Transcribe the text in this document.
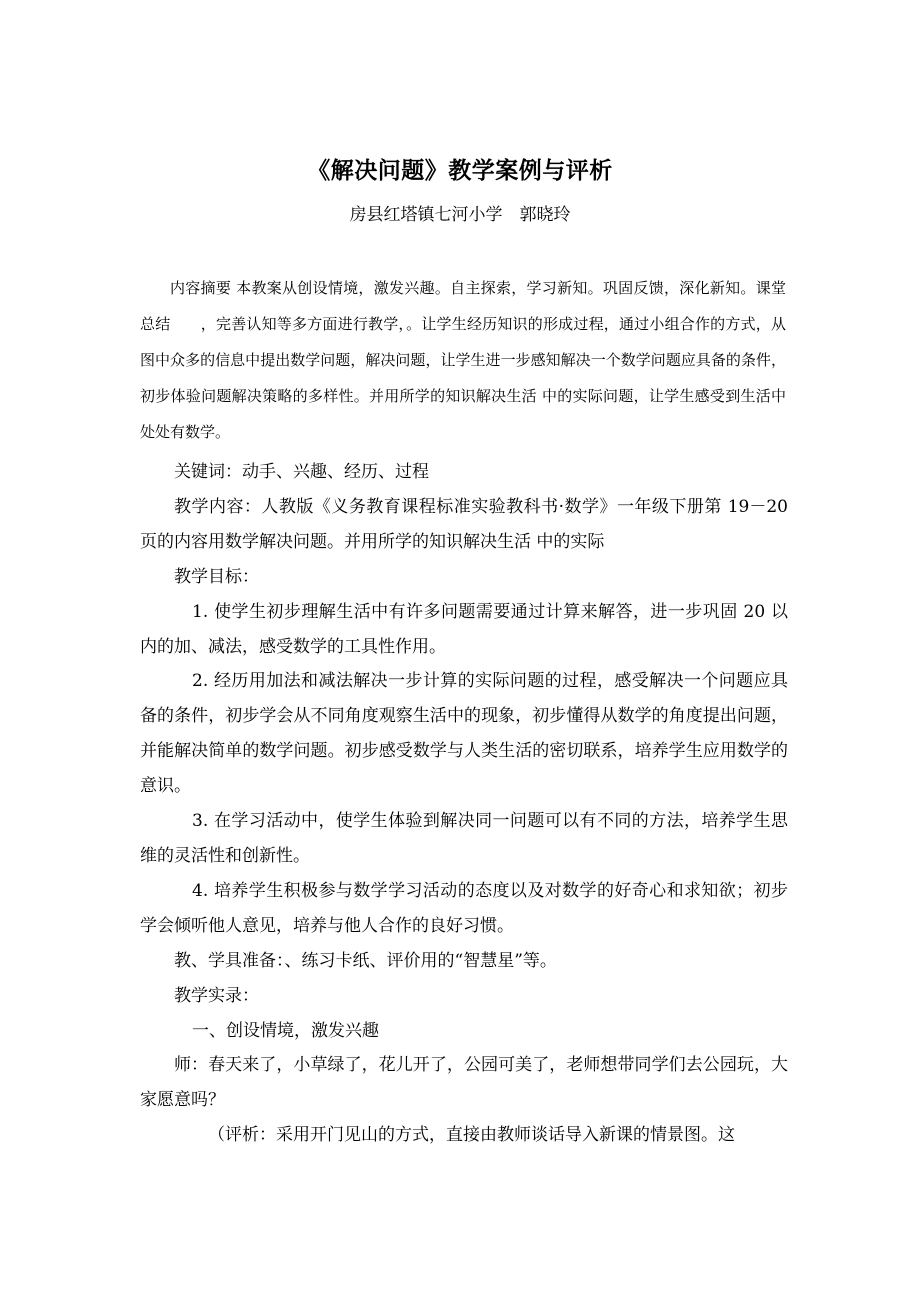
《解决问题》教学案例与评析
房县红塔镇七河小学　郭晓玲
内容摘要 本教案从创设情境，激发兴趣。自主探索，学习新知。巩固反馈，深化新知。课堂总结　　，完善认知等多方面进行教学，。让学生经历知识的形成过程，通过小组合作的方式，从图中众多的信息中提出数学问题，解决问题，让学生进一步感知解决一个数学问题应具备的条件，初步体验问题解决策略的多样性。并用所学的知识解决生活 中的实际问题，让学生感受到生活中处处有数学。

关键词：动手、兴趣、经历、过程

教学内容：人教版《义务教育课程标准实验教科书·数学》一年级下册第 19－20 页的内容用数学解决问题。并用所学的知识解决生活 中的实际

教学目标：

1. 使学生初步理解生活中有许多问题需要通过计算来解答，进一步巩固 20 以内的加、减法，感受数学的工具性作用。

2. 经历用加法和减法解决一步计算的实际问题的过程，感受解决一个问题应具备的条件，初步学会从不同角度观察生活中的现象，初步懂得从数学的角度提出问题，并能解决简单的数学问题。初步感受数学与人类生活的密切联系，培养学生应用数学的意识。

3. 在学习活动中，使学生体验到解决同一问题可以有不同的方法，培养学生思维的灵活性和创新性。

4. 培养学生积极参与数学学习活动的态度以及对数学的好奇心和求知欲；初步学会倾听他人意见，培养与他人合作的良好习惯。

教、学具准备：、练习卡纸、评价用的“智慧星”等。

教学实录：

一、创设情境，激发兴趣

师：春天来了，小草绿了，花儿开了，公园可美了，老师想带同学们去公园玩，大家愿意吗？

（评析：采用开门见山的方式，直接由教师谈话导入新课的情景图。这
